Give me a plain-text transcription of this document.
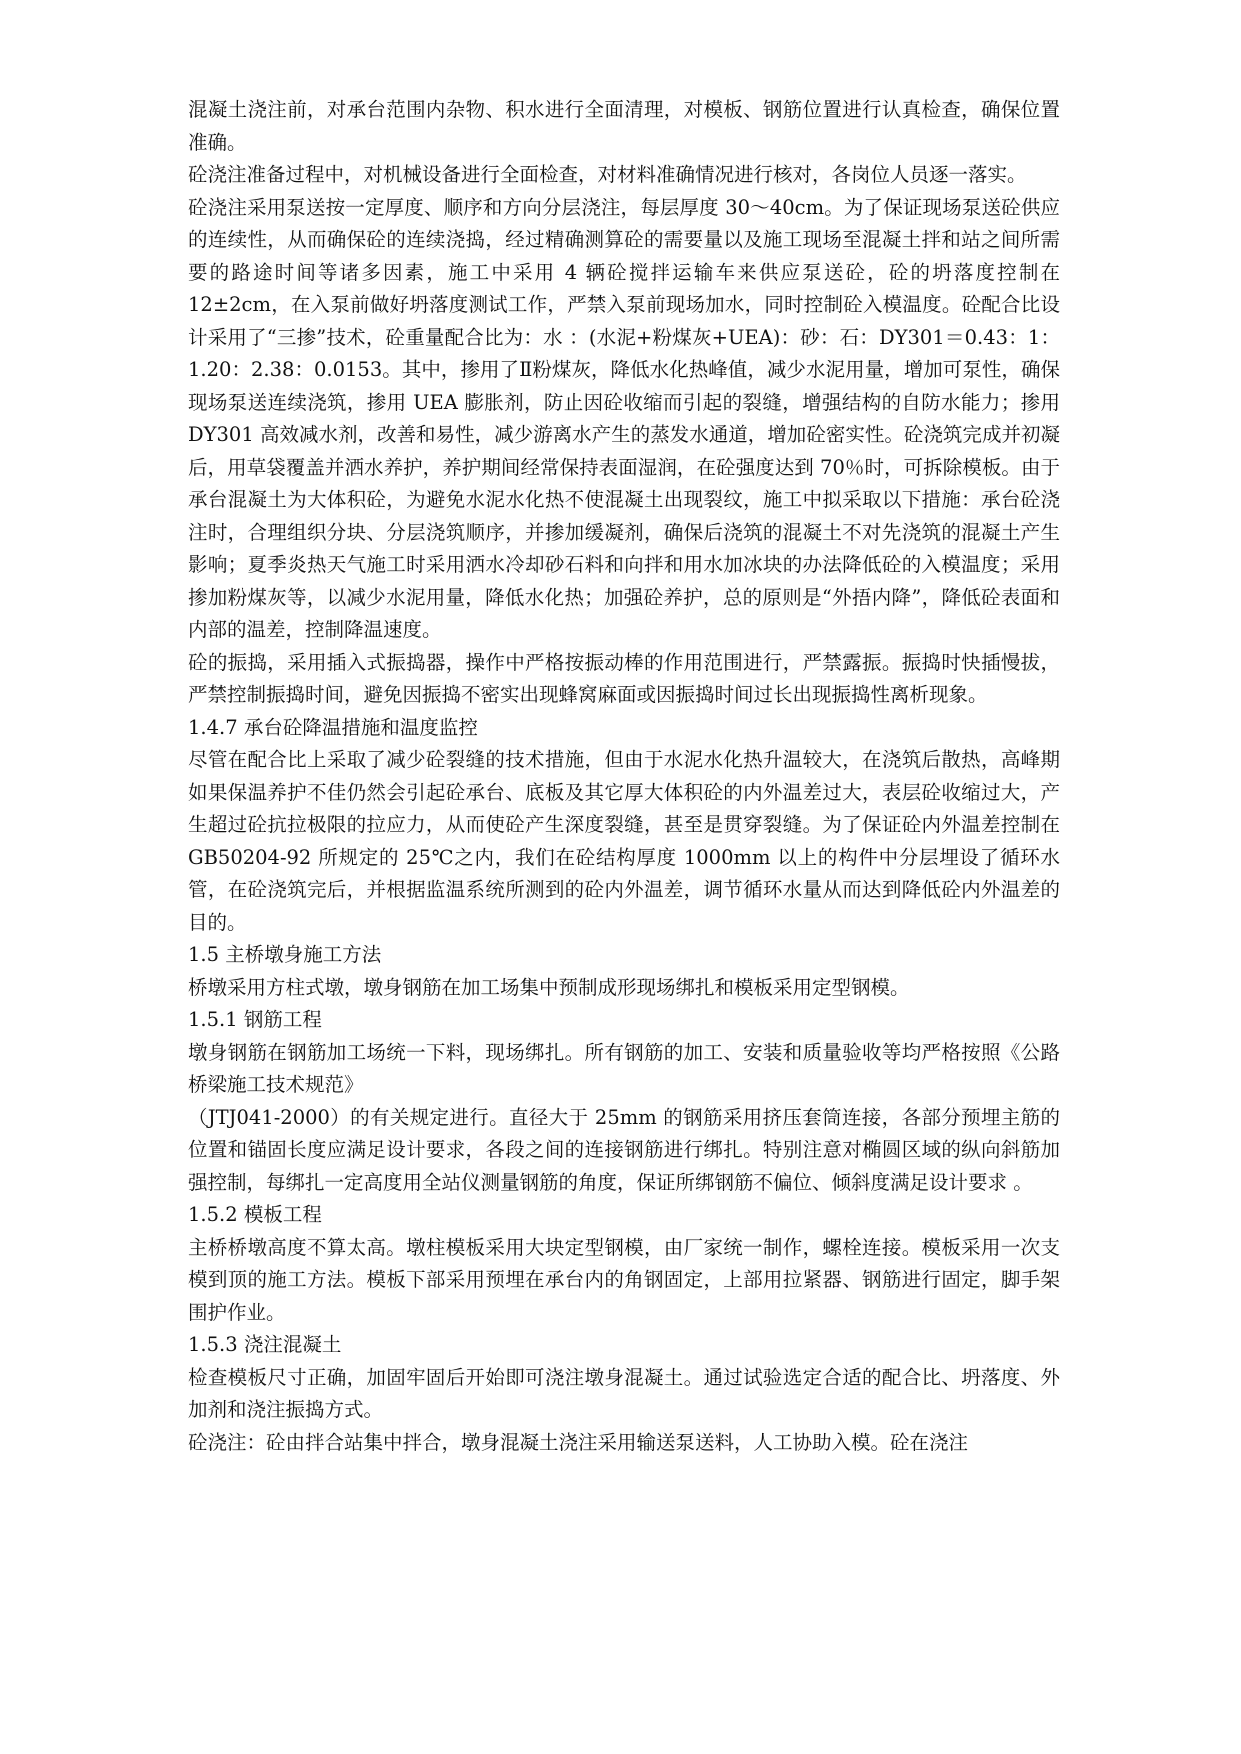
混凝土浇注前，对承台范围内杂物、积水进行全面清理，对模板、钢筋位置进行认真检查，确保位置准确。

砼浇注准备过程中，对机械设备进行全面检查，对材料准确情况进行核对，各岗位人员逐一落实。

砼浇注采用泵送按一定厚度、顺序和方向分层浇注，每层厚度 30～40cm。为了保证现场泵送砼供应的连续性，从而确保砼的连续浇捣，经过精确测算砼的需要量以及施工现场至混凝土拌和站之间所需要的路途时间等诸多因素，施工中采用 4 辆砼搅拌运输车来供应泵送砼，砼的坍落度控制在 12±2cm，在入泵前做好坍落度测试工作，严禁入泵前现场加水，同时控制砼入模温度。砼配合比设计采用了“三掺”技术，砼重量配合比为：水 ：(水泥+粉煤灰+UEA)：砂：石：DY301＝0.43：1：1.20：2.38：0.0153。其中，掺用了Ⅱ粉煤灰，降低水化热峰值，减少水泥用量，增加可泵性，确保现场泵送连续浇筑，掺用 UEA 膨胀剂，防止因砼收缩而引起的裂缝，增强结构的自防水能力；掺用 DY301 高效减水剂，改善和易性，减少游离水产生的蒸发水通道，增加砼密实性。砼浇筑完成并初凝后，用草袋覆盖并洒水养护，养护期间经常保持表面湿润，在砼强度达到 70％时，可拆除模板。由于承台混凝土为大体积砼，为避免水泥水化热不使混凝土出现裂纹，施工中拟采取以下措施：承台砼浇注时，合理组织分块、分层浇筑顺序，并掺加缓凝剂，确保后浇筑的混凝土不对先浇筑的混凝土产生影响；夏季炎热天气施工时采用洒水冷却砂石料和向拌和用水加冰块的办法降低砼的入模温度；采用掺加粉煤灰等，以减少水泥用量，降低水化热；加强砼养护，总的原则是“外捂内降”，降低砼表面和内部的温差，控制降温速度。

砼的振捣，采用插入式振捣器，操作中严格按振动棒的作用范围进行，严禁露振。振捣时快插慢拔，严禁控制振捣时间，避免因振捣不密实出现蜂窝麻面或因振捣时间过长出现振捣性离析现象。

1.4.7 承台砼降温措施和温度监控

尽管在配合比上采取了减少砼裂缝的技术措施，但由于水泥水化热升温较大，在浇筑后散热，高峰期如果保温养护不佳仍然会引起砼承台、底板及其它厚大体积砼的内外温差过大，表层砼收缩过大，产生超过砼抗拉极限的拉应力，从而使砼产生深度裂缝，甚至是贯穿裂缝。为了保证砼内外温差控制在 GB50204-92 所规定的 25℃之内，我们在砼结构厚度 1000mm 以上的构件中分层埋设了循环水管，在砼浇筑完后，并根据监温系统所测到的砼内外温差，调节循环水量从而达到降低砼内外温差的目的。

1.5 主桥墩身施工方法

桥墩采用方柱式墩，墩身钢筋在加工场集中预制成形现场绑扎和模板采用定型钢模。

1.5.1 钢筋工程

墩身钢筋在钢筋加工场统一下料，现场绑扎。所有钢筋的加工、安装和质量验收等均严格按照《公路桥梁施工技术规范》

（JTJ041-2000）的有关规定进行。直径大于 25mm 的钢筋采用挤压套筒连接，各部分预埋主筋的位置和锚固长度应满足设计要求，各段之间的连接钢筋进行绑扎。特别注意对椭圆区域的纵向斜筋加强控制，每绑扎一定高度用全站仪测量钢筋的角度，保证所绑钢筋不偏位、倾斜度满足设计要求 。

1.5.2 模板工程

主桥桥墩高度不算太高。墩柱模板采用大块定型钢模，由厂家统一制作，螺栓连接。模板采用一次支模到顶的施工方法。模板下部采用预埋在承台内的角钢固定，上部用拉紧器、钢筋进行固定，脚手架围护作业。

1.5.3 浇注混凝土

检查模板尺寸正确，加固牢固后开始即可浇注墩身混凝土。通过试验选定合适的配合比、坍落度、外加剂和浇注振捣方式。

砼浇注：砼由拌合站集中拌合，墩身混凝土浇注采用输送泵送料，人工协助入模。砼在浇注
